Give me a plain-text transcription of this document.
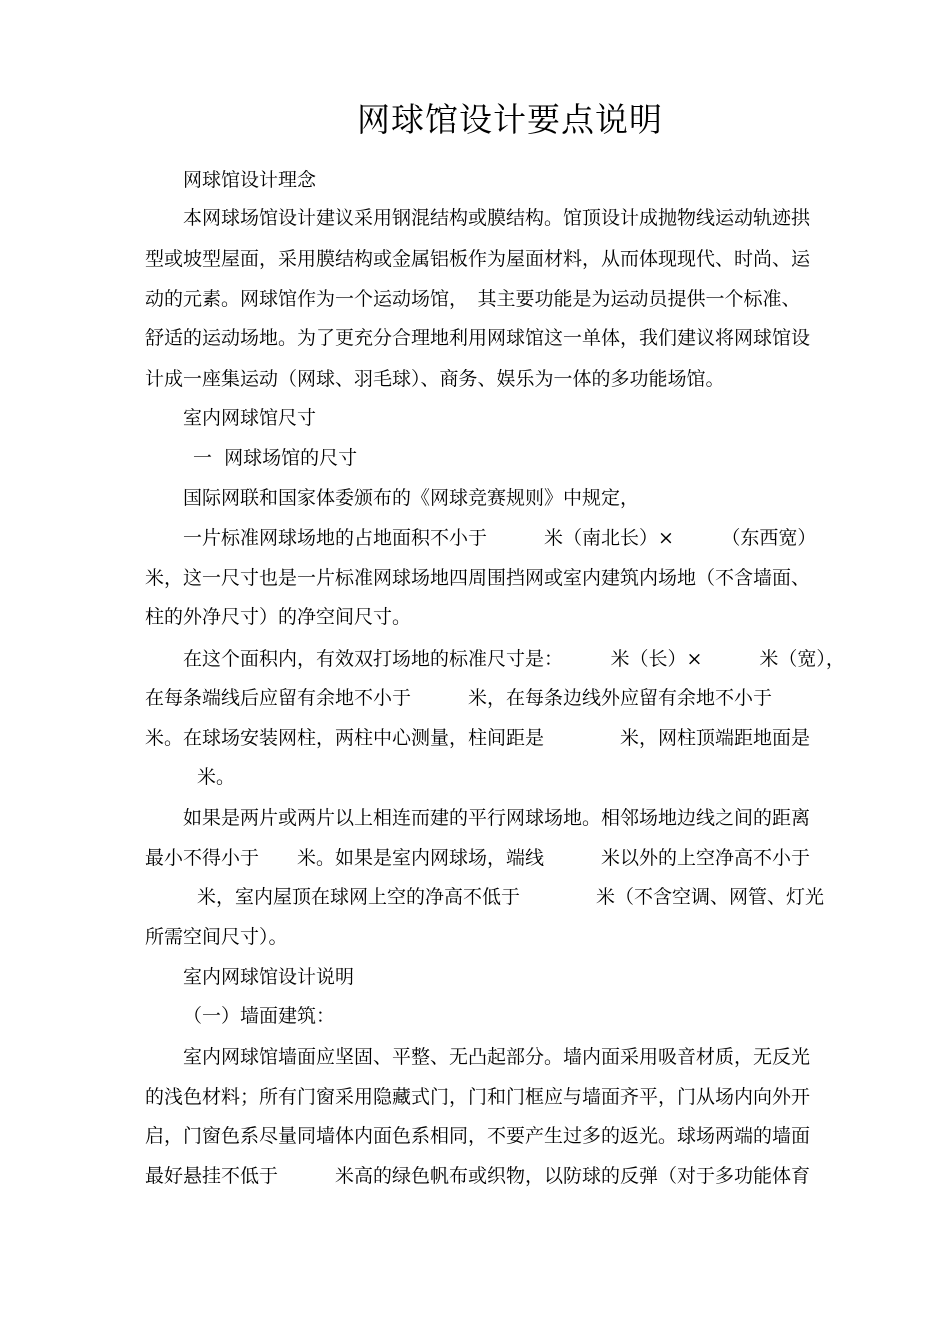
网球馆设计要点说明
网球馆设计理念
本网球场馆设计建议采用钢混结构或膜结构。馆顶设计成抛物线运动轨迹拱
型或坡型屋面，采用膜结构或金属铝板作为屋面材料，从而体现现代、时尚、运
动的元素。网球馆作为一个运动场馆，　其主要功能是为运动员提供一个标准、
舒适的运动场地。为了更充分合理地利用网球馆这一单体，我们建议将网球馆设
计成一座集运动（网球、羽毛球）、商务、娱乐为一体的多功能场馆。
室内网球馆尺寸
一  网球场馆的尺寸
国际网联和国家体委颁布的《网球竞赛规则》中规定，
一片标准网球场地的占地面积不小于　　　米（南北长）×　　　（东西宽）
米，这一尺寸也是一片标准网球场地四周围挡网或室内建筑内场地（不含墙面、
柱的外净尺寸）的净空间尺寸。
在这个面积内，有效双打场地的标准尺寸是：　　　米（长）×　　　米（宽），
在每条端线后应留有余地不小于　　　米，在每条边线外应留有余地不小于
米。在球场安装网柱，两柱中心测量，柱间距是　　　　米，网柱顶端距地面是
米。
如果是两片或两片以上相连而建的平行网球场地。相邻场地边线之间的距离
最小不得小于　　米。如果是室内网球场，端线　　　米以外的上空净高不小于
米，室内屋顶在球网上空的净高不低于　　　　米（不含空调、网管、灯光
所需空间尺寸）。
室内网球馆设计说明
（一）墙面建筑：
室内网球馆墙面应坚固、平整、无凸起部分。墙内面采用吸音材质，无反光
的浅色材料；所有门窗采用隐藏式门，门和门框应与墙面齐平，门从场内向外开
启，门窗色系尽量同墙体内面色系相同，不要产生过多的返光。球场两端的墙面
最好悬挂不低于　　　米高的绿色帆布或织物，以防球的反弹（对于多功能体育
